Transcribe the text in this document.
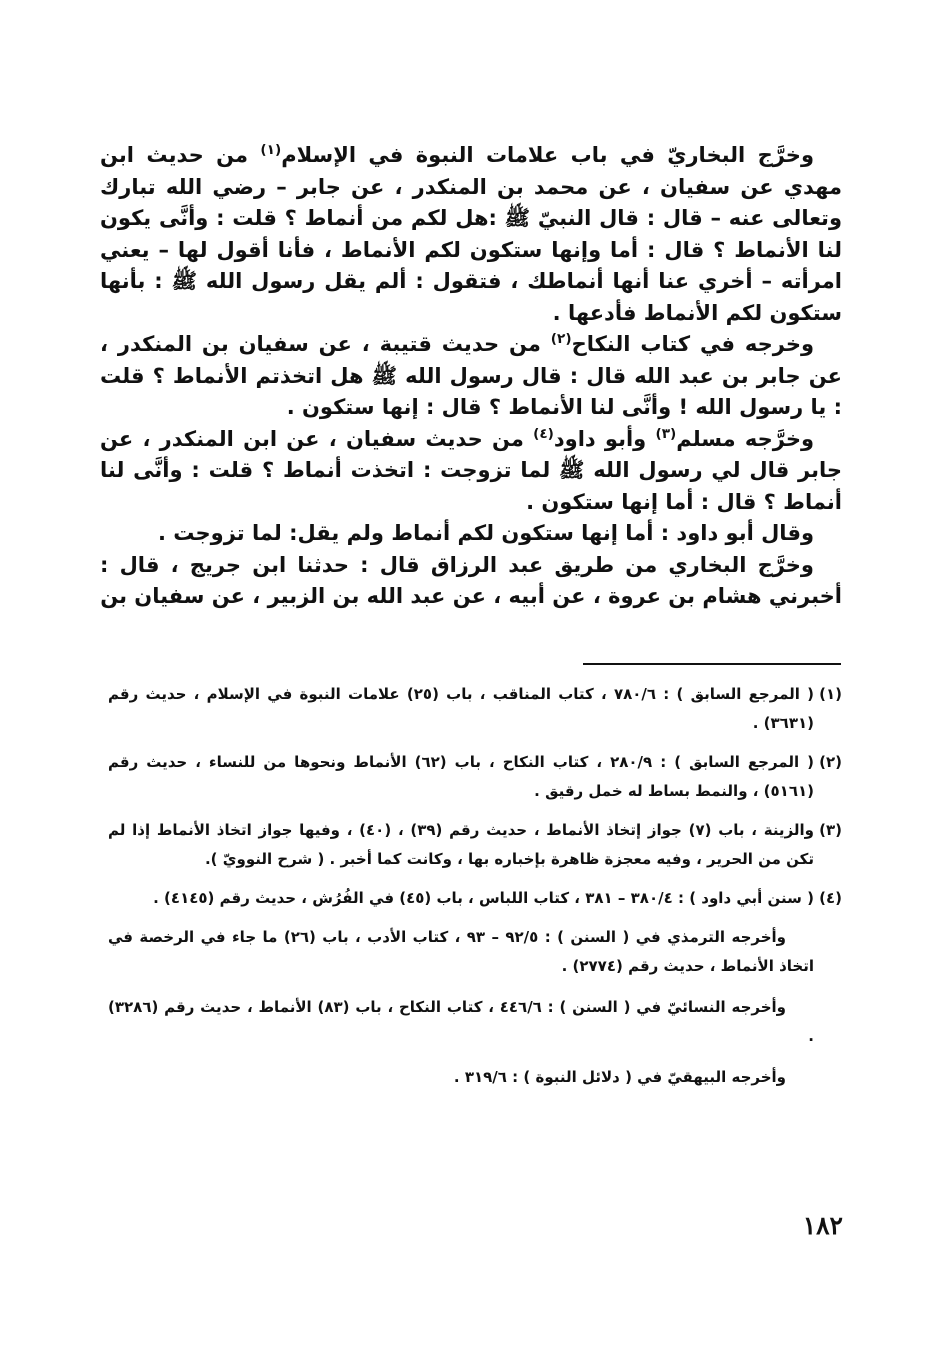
وخرَّج البخاريّ في باب علامات النبوة في الإسلام$^{(١)}$ من حديث ابن مهدي عن سفيان ، عن محمد بن المنكدر ، عن جابر – رضي الله تبارك وتعالى عنه – قال : قال النبيّ ﷺ :هل لكم من أنماط ؟ قلت : وأنَّى يكون لنا الأنماط ؟ قال : أما وإنها ستكون لكم الأنماط ، فأنا أقول لها – يعني امرأته – أخري عنا أنها أنماطك ، فتقول : ألم يقل رسول الله ﷺ : بأنها ستكون لكم الأنماط فأدعها .

وخرجه في كتاب النكاح$^{(٢)}$ من حديث قتيبة ، عن سفيان بن المنكدر ، عن جابر بن عبد الله قال : قال رسول الله ﷺ هل اتخذتم الأنماط ؟ قلت : يا رسول الله ! وأنَّى لنا الأنماط ؟ قال : إنها ستكون .

وخرَّجه مسلم$^{(٣)}$ وأبو داود$^{(٤)}$ من حديث سفيان ، عن ابن المنكدر ، عن جابر قال لي رسول الله ﷺ لما تزوجت : اتخذت أنماط ؟ قلت : وأنَّى لنا أنماط ؟ قال : أما إنها ستكون .

وقال أبو داود : أما إنها ستكون لكم أنماط ولم يقل: لما تزوجت .

وخرَّج البخاري من طريق عبد الرزاق قال : حدثنا ابن جريج ، قال : أخبرني هشام بن عروة ، عن أبيه ، عن عبد الله بن الزبير ، عن سفيان بن

(١)( المرجع السابق ) : ٧٨٠/٦ ، كتاب المناقب ، باب (٢٥) علامات النبوة في الإسلام ، حديث رقم (٣٦٣١) .

(٢)( المرجع السابق ) : ٢٨٠/٩ ، كتاب النكاح ، باب (٦٢) الأنماط ونحوها من للنساء ، حديث رقم (٥١٦١) ، والنمط بساط له خمل رقيق .

(٣)والزينة ، باب (٧) جواز إتخاذ الأنماط ، حديث رقم (٣٩) ، (٤٠) ، وفيها جواز اتخاذ الأنماط إذا لم تكن من الحرير ، وفيه معجزة ظاهرة بإخباره بها ، وكانت كما أخبر . ( شرح النوويّ ).

(٤)( سنن أبي داود ) : ٣٨٠/٤ – ٣٨١ ، كتاب اللباس ، باب (٤٥) في الفُرُش ، حديث رقم (٤١٤٥) .

وأخرجه الترمذي في ( السنن ) : ٩٢/٥ – ٩٣ ، كتاب الأدب ، باب (٢٦) ما جاء في الرخصة في اتخاذ الأنماط ، حديث رقم (٢٧٧٤) .

وأخرجه النسائيّ في ( السنن ) : ٤٤٦/٦ ، كتاب النكاح ، باب (٨٣) الأنماط ، حديث رقم (٣٢٨٦) .

وأخرجه البيهقيّ في ( دلائل النبوة ) : ٣١٩/٦ .

١٨٢
